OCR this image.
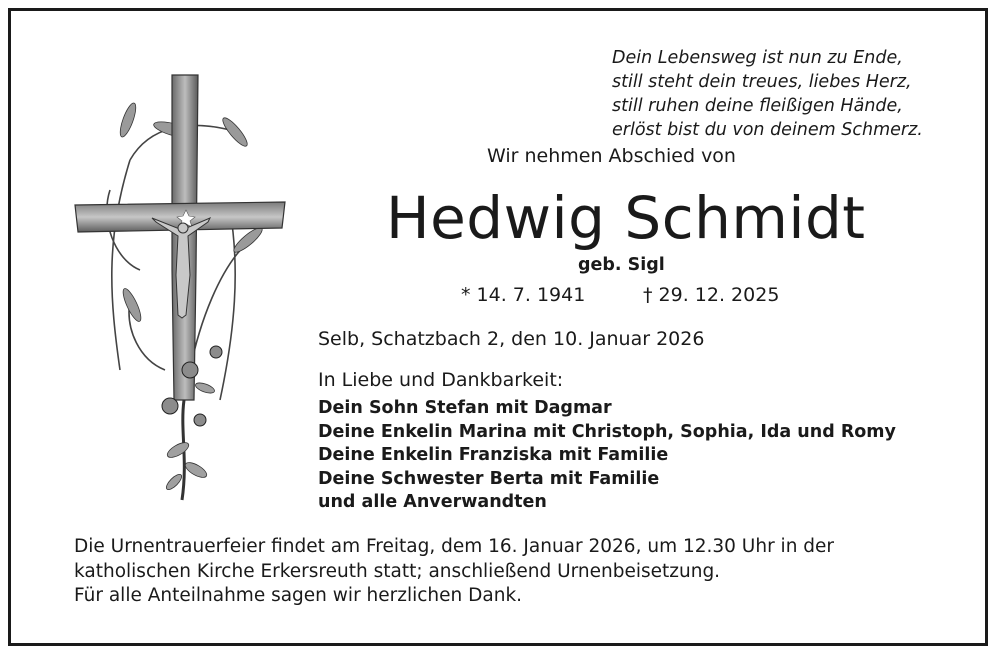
Dein Lebensweg ist nun zu Ende,
still steht dein treues, liebes Herz,
still ruhen deine fleißigen Hände,
erlöst bist du von deinem Schmerz.
Wir nehmen Abschied von
Hedwig Schmidt
geb. Sigl
* 14. 7. 1941	† 29. 12. 2025
Selb, Schatzbach 2, den 10. Januar 2026
In Liebe und Dankbarkeit:
Dein Sohn Stefan mit Dagmar
Deine Enkelin Marina mit Christoph, Sophia, Ida und Romy
Deine Enkelin Franziska mit Familie
Deine Schwester Berta mit Familie
und alle Anverwandten
Die Urnentrauerfeier findet am Freitag, dem 16. Januar 2026, um 12.30 Uhr in der
katholischen Kirche Erkersreuth statt; anschließend Urnenbeisetzung.
Für alle Anteilnahme sagen wir herzlichen Dank.
